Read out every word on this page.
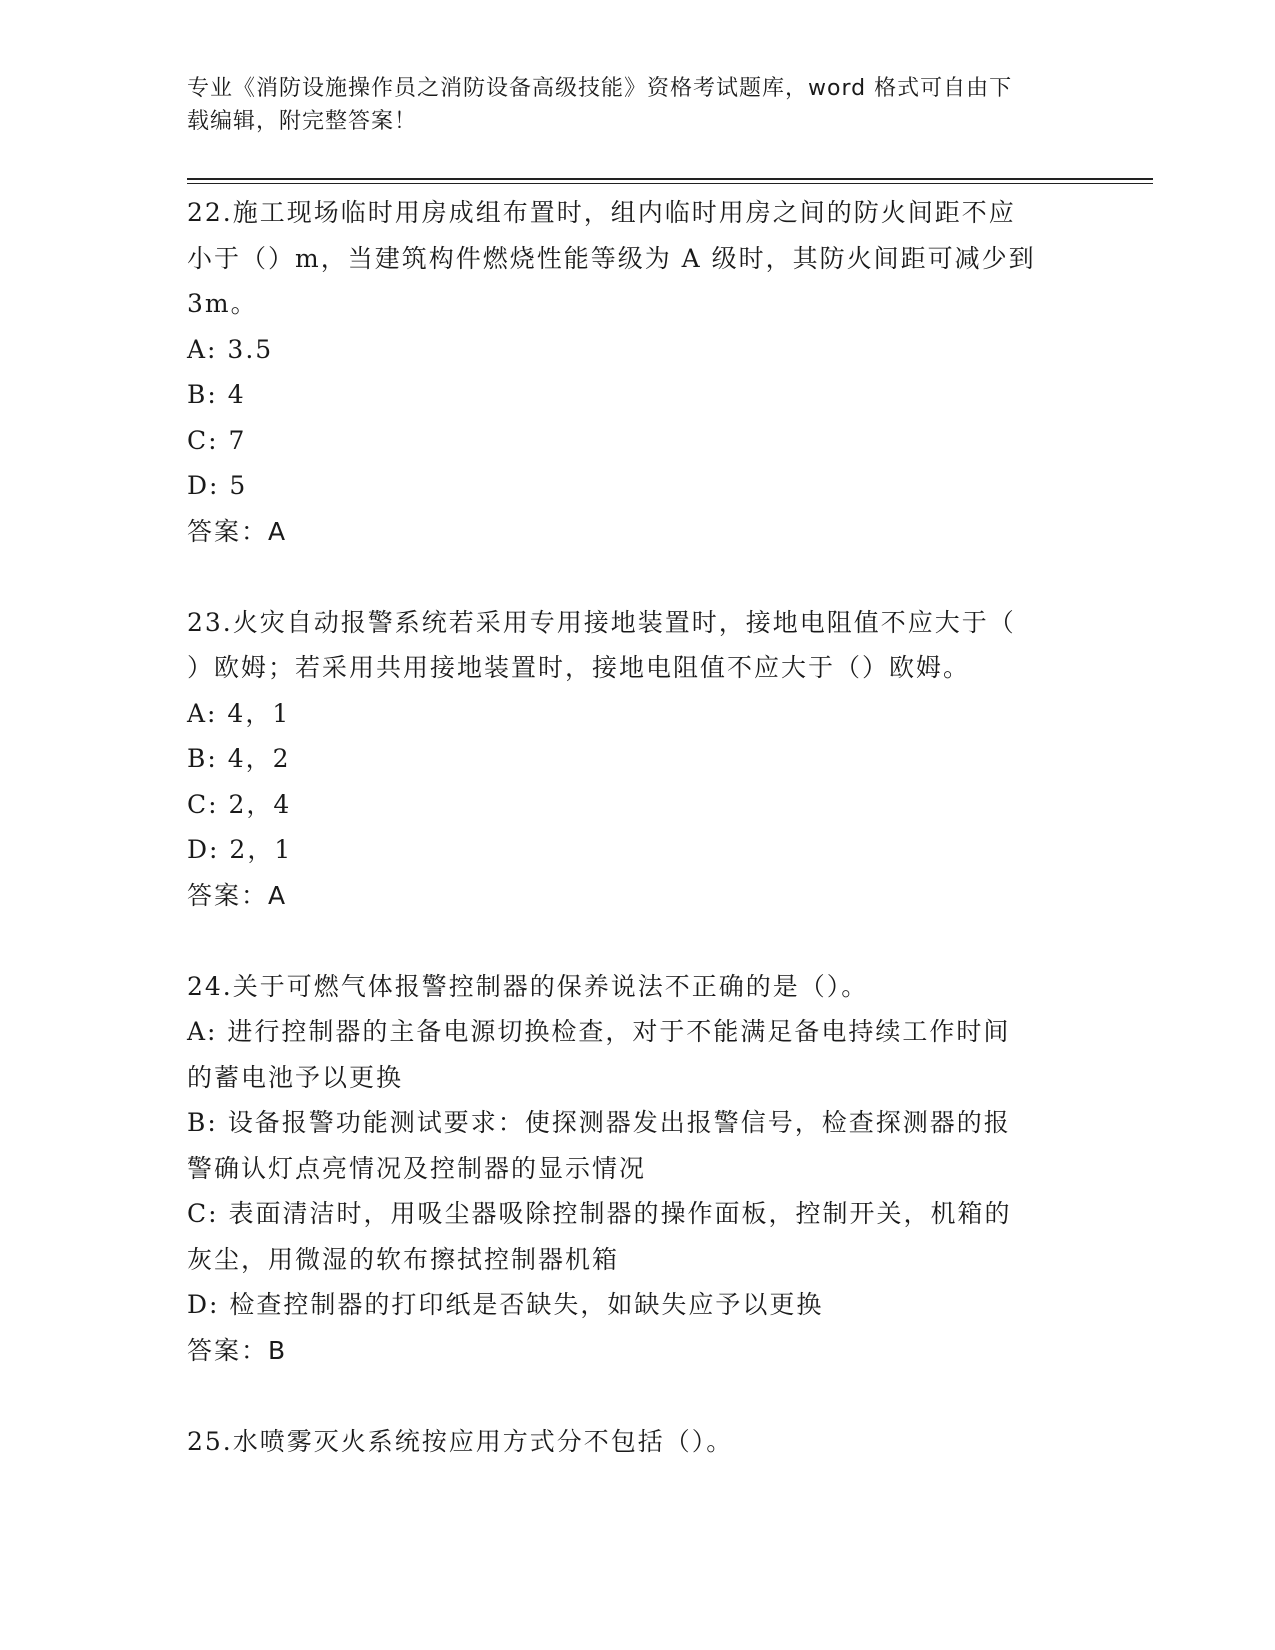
专业《消防设施操作员之消防设备高级技能》资格考试题库，word 格式可自由下
载编辑，附完整答案！
22.施工现场临时用房成组布置时，组内临时用房之间的防火间距不应
小于（）m，当建筑构件燃烧性能等级为 A 级时，其防火间距可减少到
3m。
A: 3.5
B: 4
C: 7
D: 5
答案：A
23.火灾自动报警系统若采用专用接地装置时，接地电阻值不应大于（
）欧姆；若采用共用接地装置时，接地电阻值不应大于（）欧姆。
A: 4，1
B: 4，2
C: 2，4
D: 2，1
答案：A
24.关于可燃气体报警控制器的保养说法不正确的是（）。
A: 进行控制器的主备电源切换检查，对于不能满足备电持续工作时间
的蓄电池予以更换
B: 设备报警功能测试要求：使探测器发出报警信号，检查探测器的报
警确认灯点亮情况及控制器的显示情况
C: 表面清洁时，用吸尘器吸除控制器的操作面板，控制开关，机箱的
灰尘，用微湿的软布擦拭控制器机箱
D: 检查控制器的打印纸是否缺失，如缺失应予以更换
答案：B
25.水喷雾灭火系统按应用方式分不包括（）。
